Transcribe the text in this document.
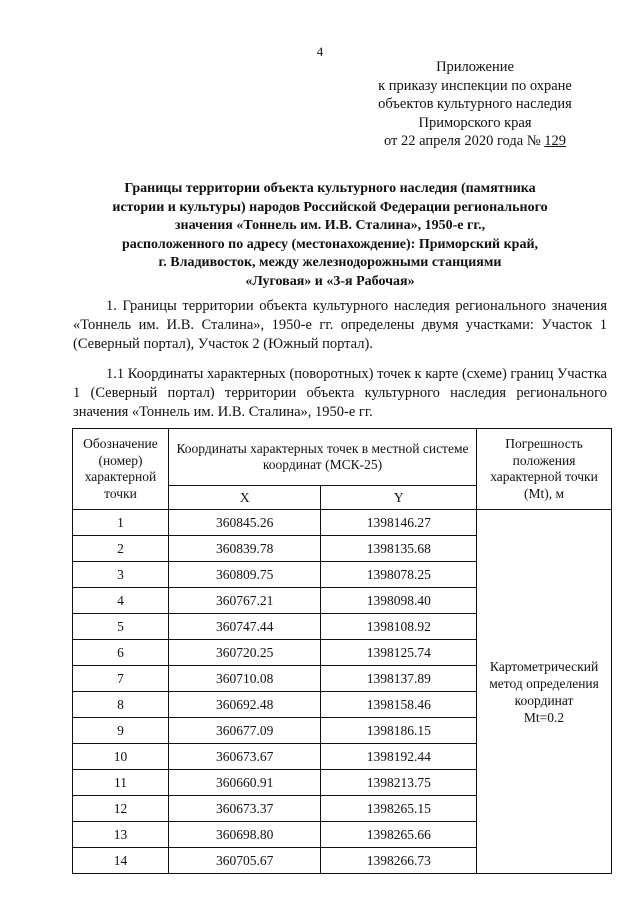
4
Приложение
к приказу инспекции по охране
объектов культурного наследия
Приморского края
от 22 апреля 2020 года № 129
Границы территории объекта культурного наследия (памятника
истории и культуры) народов Российской Федерации регионального
значения «Тоннель им. И.В. Сталина», 1950-е гг.,
расположенного по адресу (местонахождение): Приморский край,
г. Владивосток, между железнодорожными станциями
«Луговая» и «3-я Рабочая»
1. Границы территории объекта культурного наследия регионального значения «Тоннель им. И.В. Сталина», 1950-е гг. определены двумя участками: Участок 1 (Северный портал), Участок 2 (Южный портал).
1.1 Координаты характерных (поворотных) точек к карте (схеме) границ Участка 1 (Северный портал) территории объекта культурного наследия регионального значения «Тоннель им. И.В. Сталина», 1950-е гг.
Обозначение (номер) характерной точки	Координаты характерных точек в местной системе координат (МСК-25)		Погрешность положения характерной точки (Mt), м
	X	Y	
1	360845.26	1398146.27	Картометрический
метод определения
координат
Mt=0.2

2	360839.78	1398135.68	
3	360809.75	1398078.25	
4	360767.21	1398098.40	
5	360747.44	1398108.92	
6	360720.25	1398125.74	
7	360710.08	1398137.89	
8	360692.48	1398158.46	
9	360677.09	1398186.15	
10	360673.67	1398192.44	
11	360660.91	1398213.75	
12	360673.37	1398265.15	
13	360698.80	1398265.66	
14	360705.67	1398266.73	
